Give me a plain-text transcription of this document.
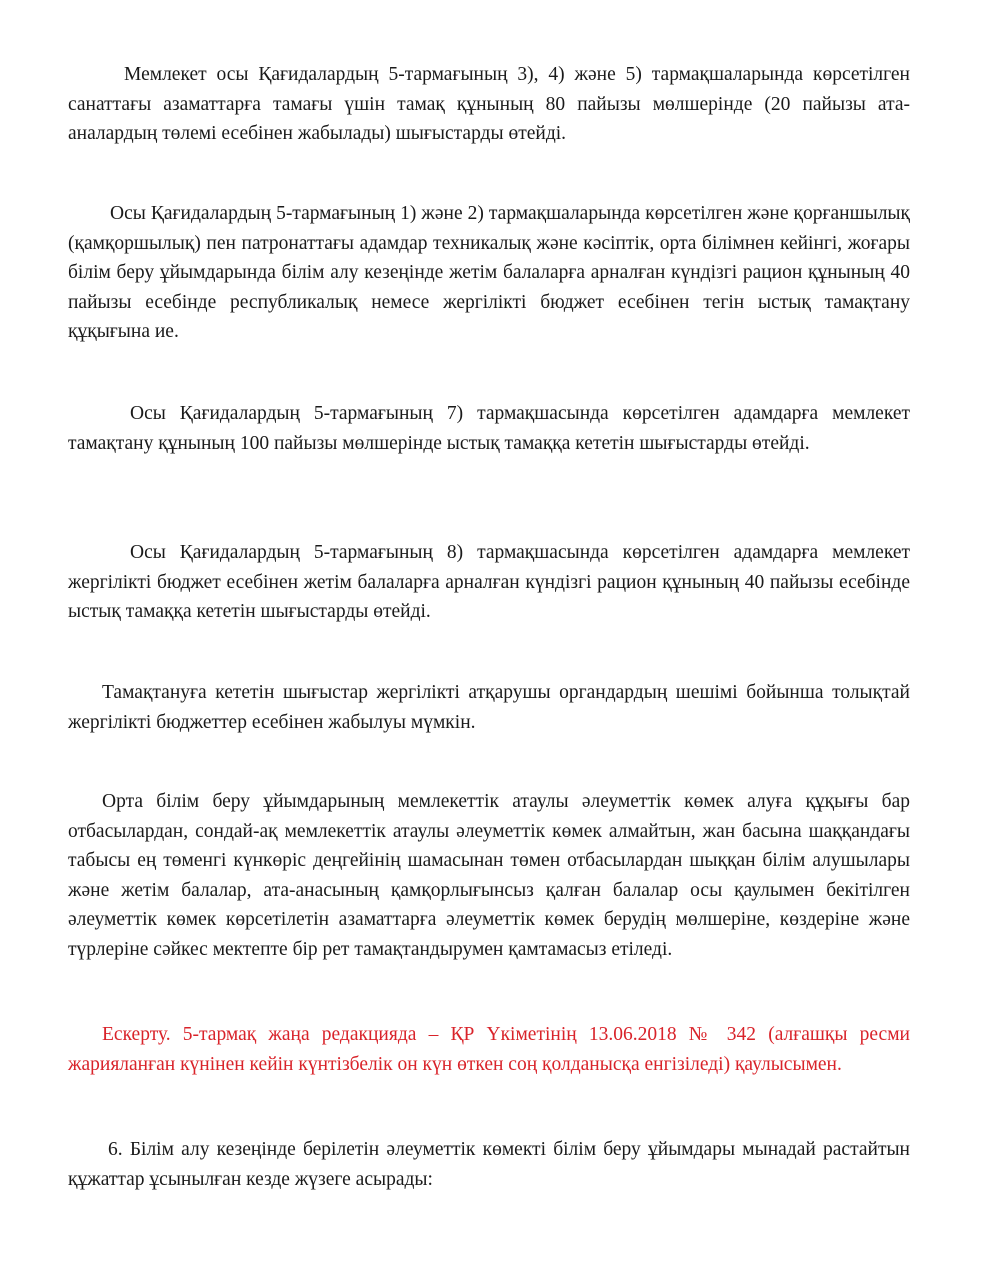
Мемлекет осы Қағидалардың 5-тармағының 3), 4) және 5) тармақшаларында көрсетілген санаттағы азаматтарға тамағы үшін тамақ құнының 80 пайызы мөлшерінде (20 пайызы ата-аналардың төлемі есебінен жабылады) шығыстарды өтейді.

Осы Қағидалардың 5-тармағының 1) және 2) тармақшаларында көрсетілген және қорғаншылық (қамқоршылық) пен патронаттағы адамдар техникалық және кәсіптік, орта білімнен кейінгі, жоғары білім беру ұйымдарында білім алу кезеңінде жетім балаларға арналған күндізгі рацион құнының 40 пайызы есебінде республикалық немесе жергілікті бюджет есебінен тегін ыстық тамақтану құқығына ие.

Осы Қағидалардың 5-тармағының 7) тармақшасында көрсетілген адамдарға мемлекет тамақтану құнының 100 пайызы мөлшерінде ыстық тамаққа кететін шығыстарды өтейді.

Осы Қағидалардың 5-тармағының 8) тармақшасында көрсетілген адамдарға мемлекет жергілікті бюджет есебінен жетім балаларға арналған күндізгі рацион құнының 40 пайызы есебінде ыстық тамаққа кететін шығыстарды өтейді.

Тамақтануға кететін шығыстар жергілікті атқарушы органдардың шешімі бойынша толықтай жергілікті бюджеттер есебінен жабылуы мүмкін.

Орта білім беру ұйымдарының мемлекеттік атаулы әлеуметтік көмек алуға құқығы бар отбасылардан, сондай-ақ мемлекеттік атаулы әлеуметтік көмек алмайтын, жан басына шаққандағы табысы ең төменгі күнкөріс деңгейінің шамасынан төмен отбасылардан шыққан білім алушылары және жетім балалар, ата-анасының қамқорлығынсыз қалған балалар осы қаулымен бекітілген әлеуметтік көмек көрсетілетін азаматтарға әлеуметтік көмек берудің мөлшеріне, көздеріне және түрлеріне сәйкес мектепте бір рет тамақтандырумен қамтамасыз етіледі.

Ескерту. 5-тармақ жаңа редакцияда – ҚР Үкіметінің 13.06.2018 № 342 (алғашқы ресми жарияланған күнінен кейін күнтізбелік он күн өткен соң қолданысқа енгізіледі) қаулысымен.

6. Білім алу кезеңінде берілетін әлеуметтік көмекті білім беру ұйымдары мынадай растайтын құжаттар ұсынылған кезде жүзеге асырады:
